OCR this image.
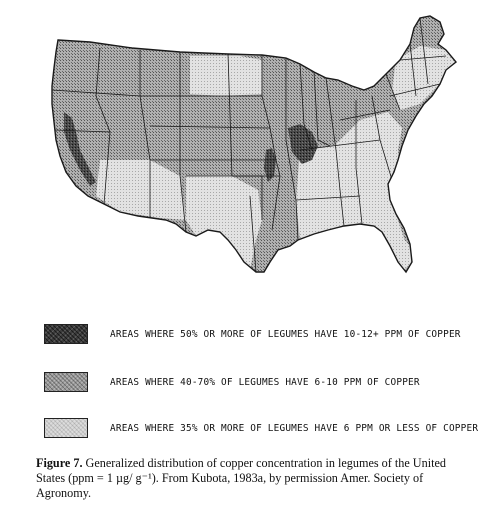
AREAS WHERE 50% OR MORE OF LEGUMES HAVE 10-12+ PPM OF COPPER
AREAS WHERE 40-70% OF LEGUMES HAVE 6-10 PPM OF COPPER
AREAS WHERE 35% OR MORE OF LEGUMES HAVE 6 PPM OR LESS OF COPPER
Figure 7. Generalized distribution of copper concentration in legumes of the United States (ppm = 1 µg/ g⁻¹). From Kubota, 1983a, by permission Amer. Society of Agronomy.
